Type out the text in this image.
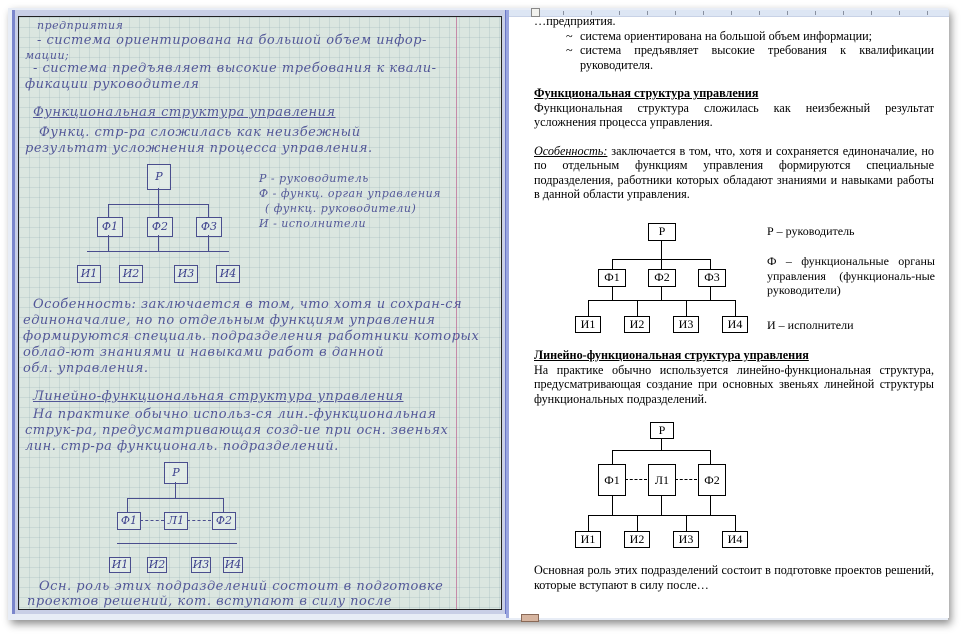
предприятия
- система ориентирована на большой объем инфор-
мации;
- система предъявляет высокие требования к квали-
фикации руководителя
Функциональная структура управления
Функц. стр-ра сложилась как неизбежный
результат усложнения процесса управления.
Р
Ф1	Ф2	Ф3
И1	И2	И3	И4
Р - руководитель
Ф - функц. орган управления
( функц. руководители)
И - исполнители
Особенность: заключается в том, что хотя и сохран-ся
единоначалие, но по отдельным функциям управления
формируются специаль. подразделения работники которых
облад-ют знаниями и навыками работ в данной
обл. управления.
Линейно-функциональная структура управления
На практике обычно использ-ся лин.-функциональная
струк-ра, предусматривающая созд-ие при осн. звеньях
лин. стр-ра функциональ. подразделений.
Р
Ф1	Л1	Ф2
И1 И2 И3 И4
Осн. роль этих подразделений состоит в подготовке
проектов решений, кот. вступают в силу после

…предприятия.

~ система ориентирована на большой объем информации;
~ система предъявляет высокие требования к квалификации руководителя.

Функциональная структура управления

Функциональная структура сложилась как неизбежный результат усложнения процесса управления.

Особенность: заключается в том, что, хотя и сохраняется единоначалие, но по отдельным функциям управления формируются специальные подразделения, работники которых обладают знаниями и навыками работы в данной области управления.

Р
Ф1	Ф2	Ф3
И1	И2	И3	И4
Р – руководитель
Ф – функциональные органы управления (функциональ-ные руководители)
И – исполнители

Линейно-функциональная структура управления

На практике обычно используется линейно-функциональная структура, предусматривающая создание при основных звеньях линейной структуры функциональных подразделений.

Р
Ф1	Л1	Ф2
И1	И2	И3	И4

Основная роль этих подразделений состоит в подготовке проектов решений, которые вступают в силу после…
